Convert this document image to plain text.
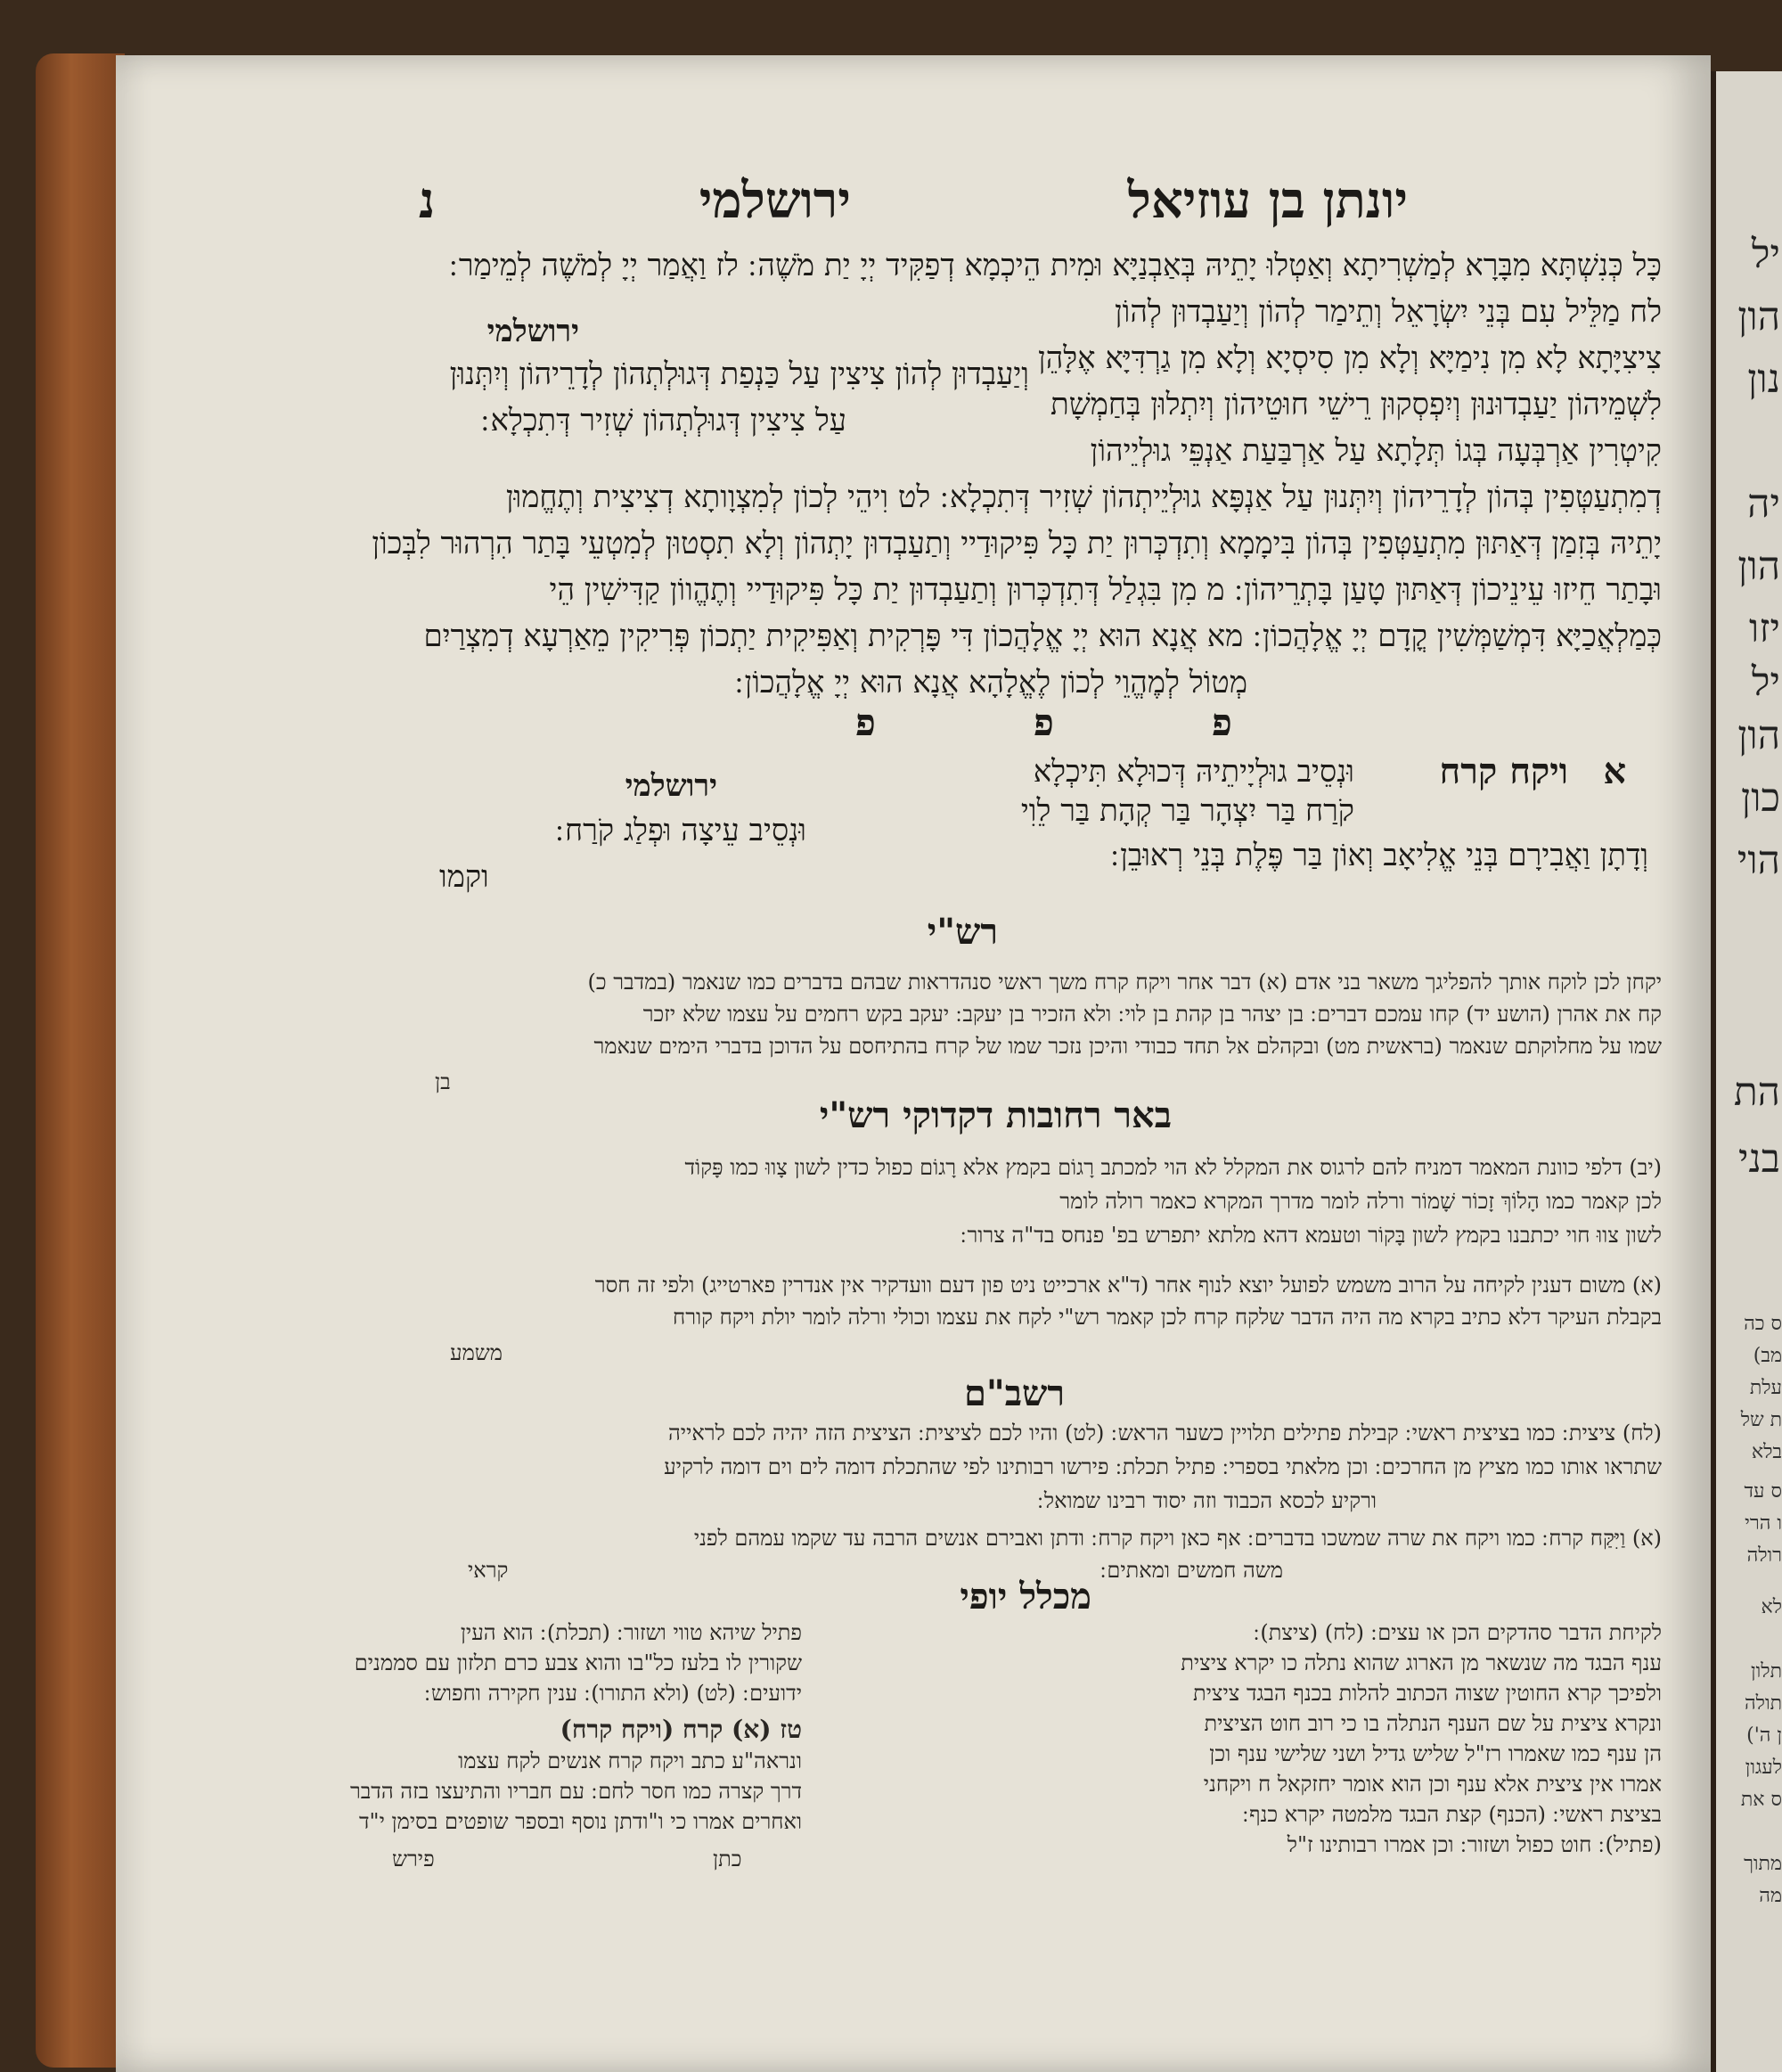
יונתן בן עוזיאל
ירושלמי
נ
כָּל כְּנִשְׁתָּא מִבָּרָא לְמַשְׁרִיתָא וְאַטְלוּ יָתֵיהּ בְּאַבְנַיָּא וּמִית הֵיכְמָא דְפַקִּיד יְיָ יַת מֹשֶׁה ׃ לז וַאֲמַר יְיָ לְמֹשֶׁה לְמֵימַר ׃
לח מַלֵּיל עִם בְּנֵי יִשְׂרָאֵל וְתֵימַר לְהוֹן וְיַעַבְדוּן לְהוֹן
צִיצִיָּתָא לָא מִן נִימַיָּא וְלָא מִן סִיסְיָא וְלָא מִן גַרְדִּיָּא אֶלָּהֵן
לִשְׁמֵיהוֹן יַעַבְדוּנוּן וְיִפְסְקוּן רֵישֵׁי חוּטֵיהוֹן וְיִתְלוּן בְּחַמְשָׁת
קִיטְרִין אַרְבְּעָה בְּגוֹ תְּלָתָא עַל אַרְבַּעַת אַנְפֵּי גוּלְיֵיהוֹן
דְמִתְעַטְּפִין בְּהוֹן לְדָרֵיהוֹן וְיִתְּנוּן עַל אַנְפָּא גוּלְיֵיתְהוֹן שְׁזִיר דְּתִכְלָא ׃ לט וִיהֵי לְכוֹן לְמִצְוָותָא דְצִיצִית וְתֶחֱמוּן
יָתֵיהּ בְּזִמַן דְּאַתּוּן מִתְעַטְּפִין בְּהוֹן בִּימָמָא וְתִדְכְּרוּן יַת כָּל פִּיקוּדַיי וְתַעַבְדוּן יָתְהוֹן וְלָא תִסְטוּן לְמִטְעֵי בָּתַר הִרְהוּר לִבְּכוֹן
וּבָתַר חֵיזוּ עֵינֵיכוֹן דְּאַתּוּן טָעַן בָּתְרֵיהוֹן ׃ מ מִן בִּגְלַל דְּתִדְכְּרוּן וְתַעַבְדוּן יַת כָּל פִּיקוּדַיי וְתֶהֱווֹן קַדִּישִׁין הֵי
כְּמַלְאֲכַיָּא דִּמְשַׁמְּשִׁין קֳדָם יְיָ אֱלָהֲכוֹן ׃ מא אֲנָא הוּא יְיָ אֱלָהֲכוֹן דִּי פָּרְקִית וְאַפִּיקִית יַתְכוֹן פְּרִיקִין מֵאַרְעָא דְמִצְרַיִם
מְטוֹל לְמֶהֱוֵי לְכוֹן לֶאֱלָהָא אֲנָא הוּא יְיָ אֱלָהֲכוֹן ׃
ירושלמי
וְיַעַבְדוּן לְהוֹן צִיצִין עַל כַּנְפַת דְּגוּלְתְהוֹן לְדָרֵיהוֹן וְיִתְּנוּן
עַל צִיצִין דְּגוּלְתְהוֹן שְׁזִיר דְּתִכְלָא ׃
פ	פ	פ
א
ויקח קרח
וּנְסֵיב גוּלְיָיתֵיהּ דְּכוּלָא תִּיכְלָא
קֹרַח בַּר יִצְהָר בַּר קְהָת בַּר לֵוִי
וְדָתָן וַאֲבִירָם בְּנֵי אֱלִיאָב וְאוֹן בַּר פֶּלֶת בְּנֵי רְאוּבֵן ׃
ירושלמי
וּנְסֵיב עֵיצָה וּפְלַג קֹרַח ׃
וקמו
רש"י
יקחן לכן לוקח אותך להפליגך משאר בני אדם (א) דבר אחר ויקח קרח משך ראשי סנהדראות שבהם בדברים כמו שנאמר (במדבר כ)
קח את אהרן (הושע יד) קחו עמכם דברים ׃ בן יצהר בן קהת בן לוי ׃ ולא הזכיר בן יעקב ׃ יעקב בקש רחמים על עצמו שלא יזכר
שמו על מחלוקתם שנאמר (בראשית מט) ובקהלם אל תחד כבודי והיכן נזכר שמו של קרח בהתיחסם על הדוכן בדברי הימים שנאמר
בן
באר רחובות דקדוקי רש"י
(יב) דלפי כוונת המאמר דמניח להם לרגוס את המקלל לא הוי למכתב רָגוֹם בקמץ אלא רָגוֹם כפול כדין לשון צָווּ כמו פָּקוֹד
לכן קאמר כמו הָלוֹךְ זָכוֹר שָׁמוֹר ורלה לומר מדרך המקרא כאמר רולה לומר
לשון צווּ חוי יכתבנו בקמץ לשון בָּקוֹר וטעמא דהא מלתא יתפרש בפ' פנחס בד"ה צרור ׃
(א) משום דענין לקיחה על הרוב משמש לפועל יוצא לנוף אחר (ד"א ארכייט ניט פון דעם וועדקיר אין אנדרין פארטייג) ולפי זה חסר
בקבלת העיקר דלא כתיב בקרא מה היה הדבר שלקח קרח לכן קאמר רש"י לקח את עצמו וכולי ורלה לומר יולת ויקח קורח
משמע
רשב"ם
(לח) ציצית ׃ כמו בציצית ראשי ׃ קבילת פתילים תלויין כשער הראש ׃ (לט) והיו לכם לציצית ׃ הציצית הזה יהיה לכם לראייה
שתראו אותו כמו מציץ מן החרכים ׃ וכן מלאתי בספרי ׃ פתיל תכלת ׃ פירשו רבותינו לפי שהתכלת דומה לים וים דומה לרקיע
ורקיע לכסא הכבוד וזה יסוד רבינו שמואל ׃
(א) וַיִּקַּח קרח ׃ כמו ויקח את שרה שמשכו בדברים ׃ אף כאן ויקח קרח ׃ ודתן ואבירם אנשים הרבה עד שקמו עמהם לפני
משה חמשים ומאתים ׃
קראי
מכלל יופי
לקיחת הדבר סהדקים הכן או עצים ׃ (לח) (ציצת) ׃
ענף הבגד מה שנשאר מן הארוג שהוא נתלה כו יקרא ציצית
ולפיכך קרא החוטין שצוה הכתוב להלות בכנף הבגד ציצית
ונקרא ציצית על שם הענף הנתלה בו כי רוב חוט הציצית
הן ענף כמו שאמרו רז"ל שליש גדיל ושני שלישי ענף וכן
אמרו אין ציצית אלא ענף וכן הוא אומר יחזקאל ח ויקחני
בציצת ראשי ׃ (הכנף) קצת הבגד מלמטה יקרא כנף ׃
(פתיל) ׃ חוט כפול ושזור ׃ וכן אמרו רבותינו ז"ל
פתיל שיהא טווי ושזור ׃ (תכלת) ׃ הוא העין
שקורין לו בלעז כל"בו והוא צבע כרם תלזון עם סממנים
ידועים ׃ (לט) (ולא התורו) ׃ ענין חקירה וחפוש ׃
טז (א) קרח (ויקח קרח)
ונראה"ע כתב ויקח קרח אנשים לקח עצמו
דרך קצרה כמו חסר לחם ׃ עם חבריו והתיעצו בזה הדבר
ואחרים אמרו כי ו"ודתן נוסף ובספר שופטים בסימן י"ד
כתן
פירש
יל
הון
נון
יה
הון
יזו
יל
הון
כון
הוי
הת
בני
ס כה
מב)
עלת
ת של
בלא
ס עד
ו הרי
רולה
לא
תלון
תולה
ן ה')
לעגון
ס את
מתוך
מה
